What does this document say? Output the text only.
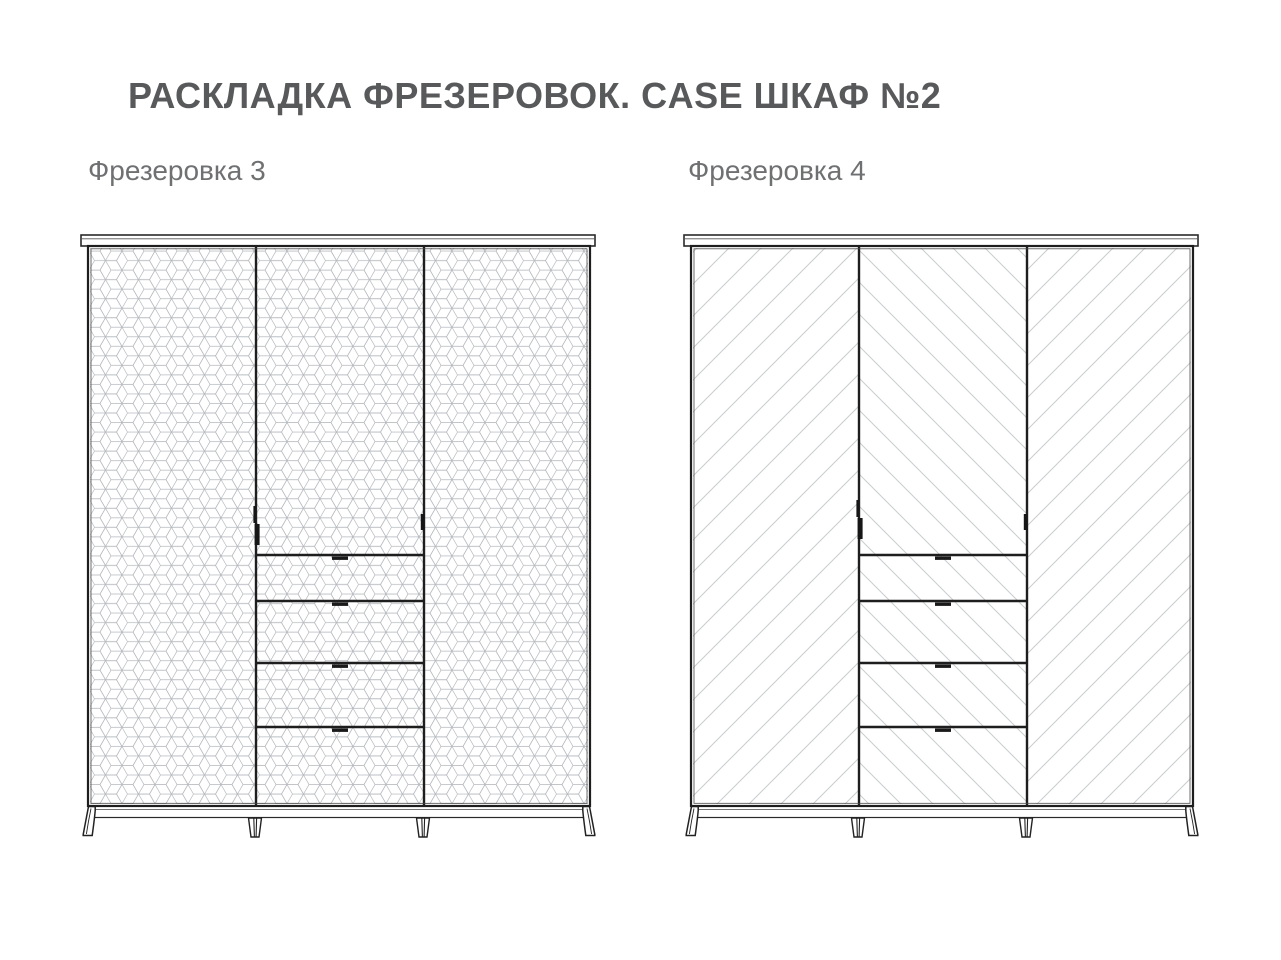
РАСКЛАДКА ФРЕЗЕРОВОК. CASE ШКАФ №2
Фрезеровка 3	Фрезеровка 4
